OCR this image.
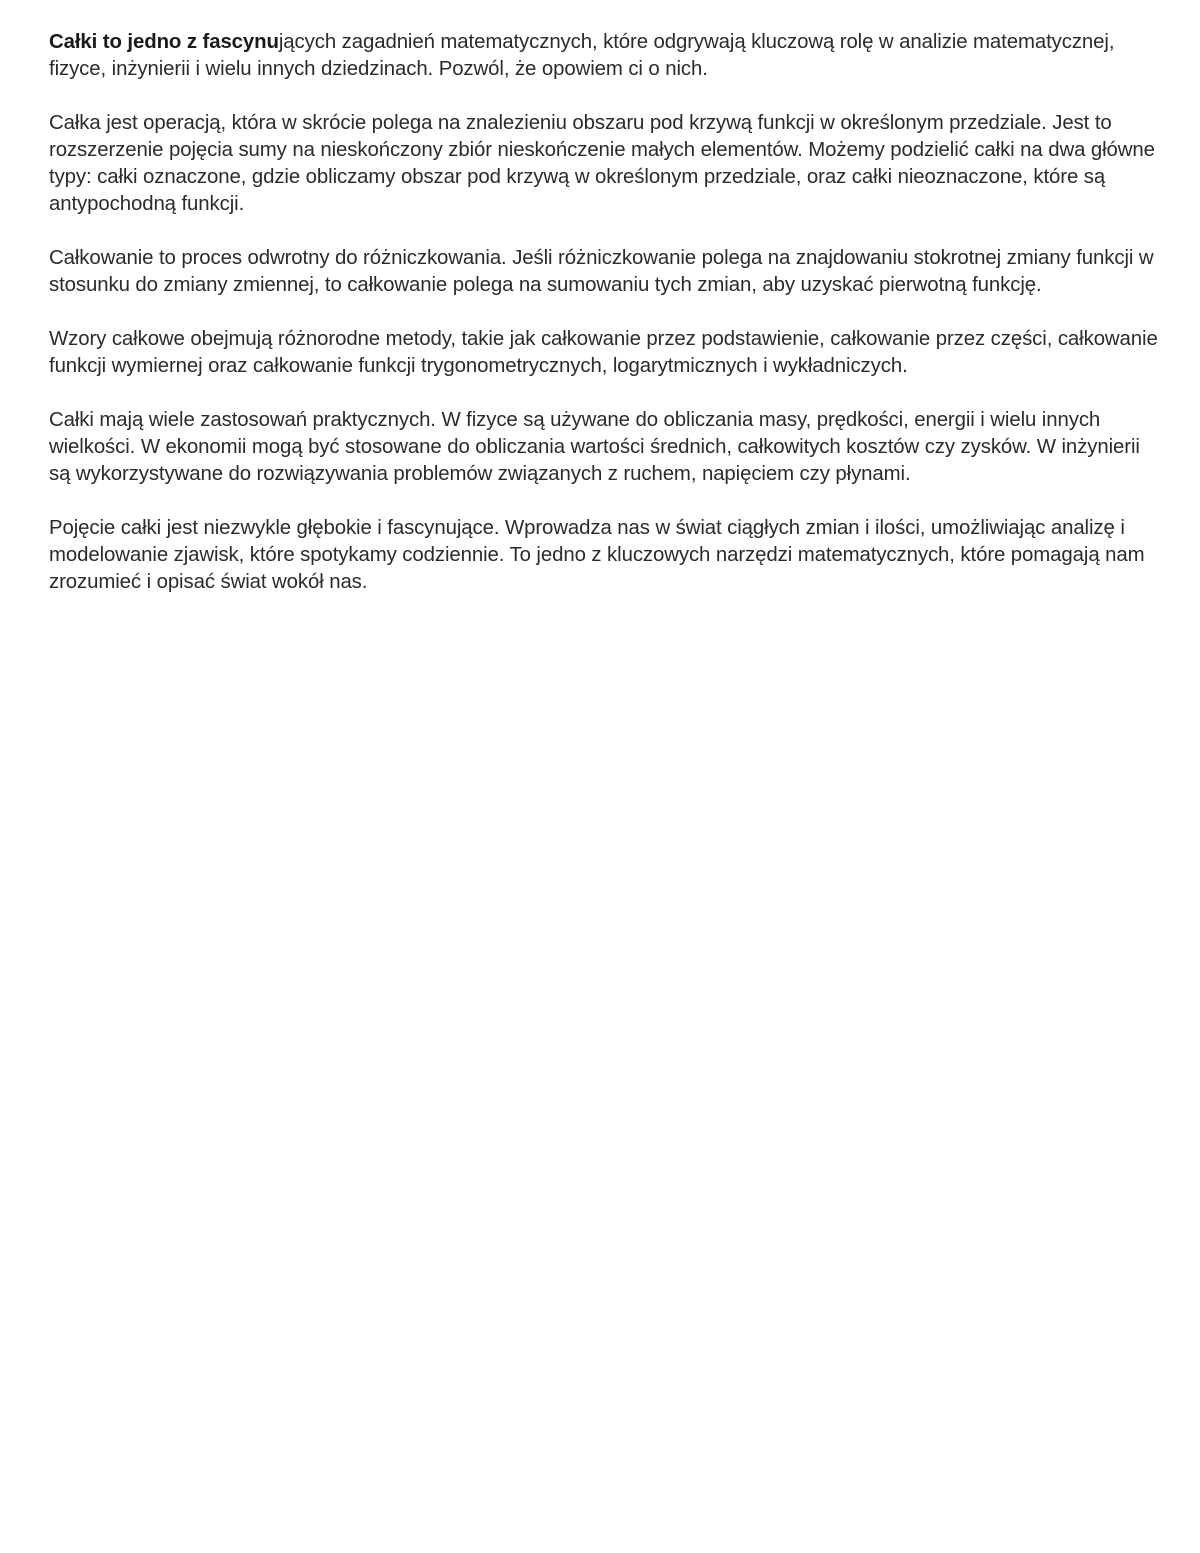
Całki to jedno z fascynujących zagadnień matematycznych, które odgrywają kluczową rolę w analizie matematycznej, fizyce, inżynierii i wielu innych dziedzinach. Pozwól, że opowiem ci o nich.

Całka jest operacją, która w skrócie polega na znalezieniu obszaru pod krzywą funkcji w określonym przedziale. Jest to rozszerzenie pojęcia sumy na nieskończony zbiór nieskończenie małych elementów. Możemy podzielić całki na dwa główne typy: całki oznaczone, gdzie obliczamy obszar pod krzywą w określonym przedziale, oraz całki nieoznaczone, które są antypochodną funkcji.

Całkowanie to proces odwrotny do różniczkowania. Jeśli różniczkowanie polega na znajdowaniu stokrotnej zmiany funkcji w stosunku do zmiany zmiennej, to całkowanie polega na sumowaniu tych zmian, aby uzyskać pierwotną funkcję.

Wzory całkowe obejmują różnorodne metody, takie jak całkowanie przez podstawienie, całkowanie przez części, całkowanie funkcji wymiernej oraz całkowanie funkcji trygonometrycznych, logarytmicznych i wykładniczych.

Całki mają wiele zastosowań praktycznych. W fizyce są używane do obliczania masy, prędkości, energii i wielu innych wielkości. W ekonomii mogą być stosowane do obliczania wartości średnich, całkowitych kosztów czy zysków. W inżynierii są wykorzystywane do rozwiązywania problemów związanych z ruchem, napięciem czy płynami.

Pojęcie całki jest niezwykle głębokie i fascynujące. Wprowadza nas w świat ciągłych zmian i ilości, umożliwiając analizę i modelowanie zjawisk, które spotykamy codziennie. To jedno z kluczowych narzędzi matematycznych, które pomagają nam zrozumieć i opisać świat wokół nas.
